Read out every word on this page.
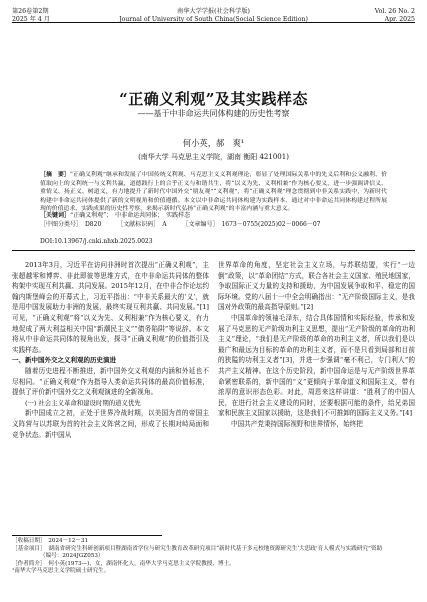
第26卷第2期
2025 年 4 月
南华大学学报(社会科学版)
Journal of University of South China(Social Science Edition)
Vol. 26 No. 2
Apr. 2025
“正确义利观”及其实践样态
——基于中非命运共同体构建的历史性考察
何小英，郝　爽¹
(南华大学 马克思主义学院，湖南 衡阳 421001)
［摘　要］“正确义利观”继承和发展了中国传统义利观、马克思主义义利观理论，彰显了处理国际关系中的先义后利和公义融利、价值取向上的义利统一与义利共赢，道德践行上的合乎正义与和谐共生，将“以义为先、义利相兼”作为核心要义，进一步强调讲信义、重情义、扬正义、树道义，有力地提升了新时代中国外交“朋友观”“义利观”，将“正确义利观”理念贯彻到中非关系实践中，为新时代构建中非命运共同体提供了新的文明视角和价值遵循。本文以中非命运共同体构建为实践样本，通过对中非命运共同体构建过程所展现的价值追求、实践成果的历史性考察，来揭示新时代弘扬“正确义利观”的丰富内涵与重大意义。
［关键词］“正确义利观”；　中非命运共同体；　实践样态
［中图分类号］　D820	［文献标识码］　A	［文章编号］　1673－0755(2025)02－0066－07
DOI:10.13967/j.cnki.nhxb.2025.0023

2013年3月，习近平在访问非洲时首次提出“正确义利观”，主张超越零和博弈、非此即彼等思维方式，在中非命运共同体的整体构架中实现互利共赢、共同发展。2015年12月，在中非合作论坛约翰内斯堡峰会的开幕式上，习近平指出：“中非关系最大的‘义’，就是用中国发展助力非洲的发展，最终实现互利共赢、共同发展。”[1]可见，“正确义利观”将“以义为先、义利相兼”作为核心要义，有力地促成了两大利益相关中国“新潮民主义”“债务陷阱”等说辞。本文将从中非命运共同体的视角出发，探寻“正确义利观”的价值指引及实践样态。

一、新中国外交之义利观的历史演进

随着历史进程不断推进，新中国外交义利观的内涵和外延也不尽相同。“正确义利观”作为指导人类命运共同体的最高价值标准，提供了评价新中国外交之义利观演进的全新视角。

(一) 社会主义革命和建设时期的道义优先

新中国成立之初，正处于世界冷战时期，以美国为首的帝国主义阵营与以苏联为首的社会主义阵营之间，形成了长期对峙局面和竞争状态。新中国从

世界革命的角度，坚定社会主义立场，与苏联结盟，实行“一边倒”政策，以“革命团结”方式，联合各社会主义国家、殖民地国家，争取国际正义力量的支持和援助，为中国发展争取和平、稳定的国际环境。党的八届十一中全会明确指出：“无产阶级国际主义，是我国对外政策的最高指导原则。”[2]

中国革命的领袖毛泽东，结合具体国情和实际经验，传承和发展了马克思的无产阶级功利主义思想，提出“无产阶级的革命的功利主义”理论，“我们是无产阶级的革命的功利主义者，所以我们是以最广和最远为目标的革命的功利主义者，而不是只看到局部和目前的狭隘的功利主义者”[3]，并进一步强调“毫不利己，专门利人”的共产主义精神。在这个历史阶段，新中国命运是与无产阶级世界革命紧密联系的，新中国的“义”更倾向于革命道义和国际主义，带有浓厚的意识形态色彩。对此，周恩来这样讲道：“胜利了的中国人民，在进行社会主义建设的同时，还要根据可能的条件，给兄弟国家和民族主义国家以援助，这是我们不可推卸的国际主义义务。”[4]

中国共产党秉持国际视野和世界情怀，始终把

［收稿日期］　2024－12－31
［基金项目］　湖南省研究生科研创新项目暨湖南省学位与研究生教育改革研究项目“新时代基于多元校地资源研究生‘大思政’育人模式与实践研究”资助
（编号：2024JGZ053）
［作者简介］　何小英(1973—)，女，湖南怀化人，南华大学马克思主义学院教授，博士。
¹南华大学马克思主义学院硕士研究生。
